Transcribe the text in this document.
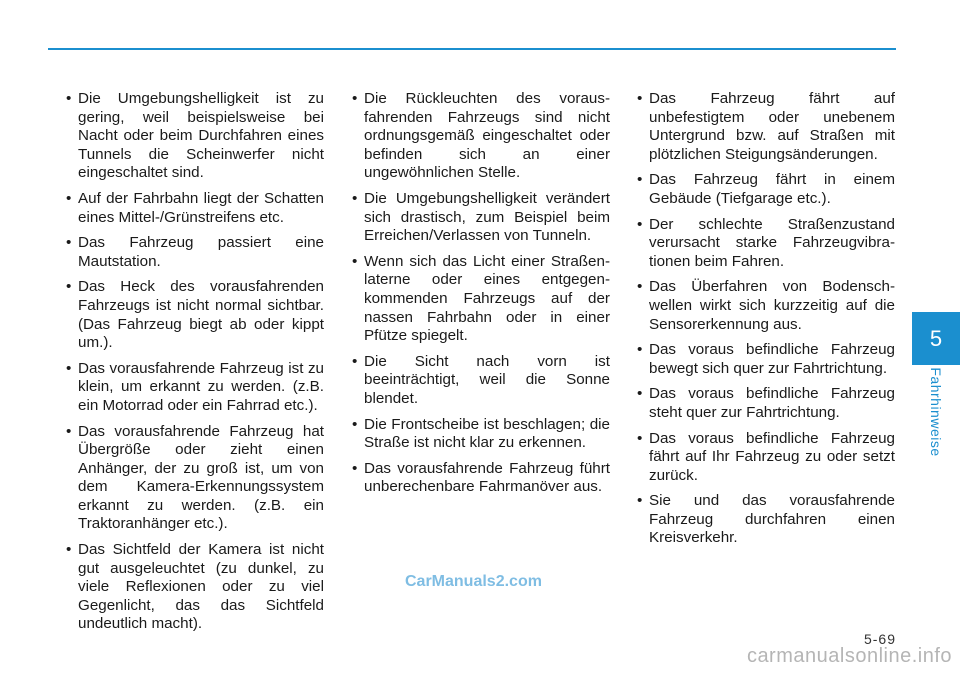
• Die Umgebungshelligkeit ist zu gering, weil beispielsweise bei Nacht oder beim Durchfahren eines Tunnels die Scheinwerfer nicht eingeschaltet sind.
• Auf der Fahrbahn liegt der Schatten eines Mittel-/Grünstreifens etc.
• Das Fahrzeug passiert eine Mautstation.
• Das Heck des vorausfahrenden Fahrzeugs ist nicht normal sichtbar. (Das Fahrzeug biegt ab oder kippt um.).
• Das vorausfahrende Fahrzeug ist zu klein, um erkannt zu werden. (z.B. ein Motorrad oder ein Fahrrad etc.).
• Das vorausfahrende Fahrzeug hat Übergröße oder zieht einen Anhänger, der zu groß ist, um von dem Kamera-Erkennungssystem erkannt zu werden. (z.B. ein Traktoranhänger etc.).
• Das Sichtfeld der Kamera ist nicht gut ausgeleuchtet (zu dunkel, zu viele Reflexionen oder zu viel Gegenlicht, das das Sichtfeld undeutlich macht).
• Die Rückleuchten des vorausfahrenden Fahrzeugs sind nicht ordnungsgemäß eingeschaltet oder befinden sich an einer ungewöhnlichen Stelle.
• Die Umgebungshelligkeit verändert sich drastisch, zum Beispiel beim Erreichen/Verlassen von Tunneln.
• Wenn sich das Licht einer Straßenlaterne oder eines entgegenkommenden Fahrzeugs auf der nassen Fahrbahn oder in einer Pfütze spiegelt.
• Die Sicht nach vorn ist beeinträchtigt, weil die Sonne blendet.
• Die Frontscheibe ist beschlagen; die Straße ist nicht klar zu erkennen.
• Das vorausfahrende Fahrzeug führt unberechenbare Fahrmanöver aus.
• Das Fahrzeug fährt auf unbefestigtem oder unebenem Untergrund bzw. auf Straßen mit plötzlichen Steigungsänderungen.
• Das Fahrzeug fährt in einem Gebäude (Tiefgarage etc.).
• Der schlechte Straßenzustand verursacht starke Fahrzeugvibrationen beim Fahren.
• Das Überfahren von Bodenschwellen wirkt sich kurzzeitig auf die Sensorerkennung aus.
• Das voraus befindliche Fahrzeug bewegt sich quer zur Fahrtrichtung.
• Das voraus befindliche Fahrzeug steht quer zur Fahrtrichtung.
• Das voraus befindliche Fahrzeug fährt auf Ihr Fahrzeug zu oder setzt zurück.
• Sie und das vorausfahrende Fahrzeug durchfahren einen Kreisverkehr.
5
Fahrhinweise
CarManuals2.com
5-69
carmanualsonline.info
